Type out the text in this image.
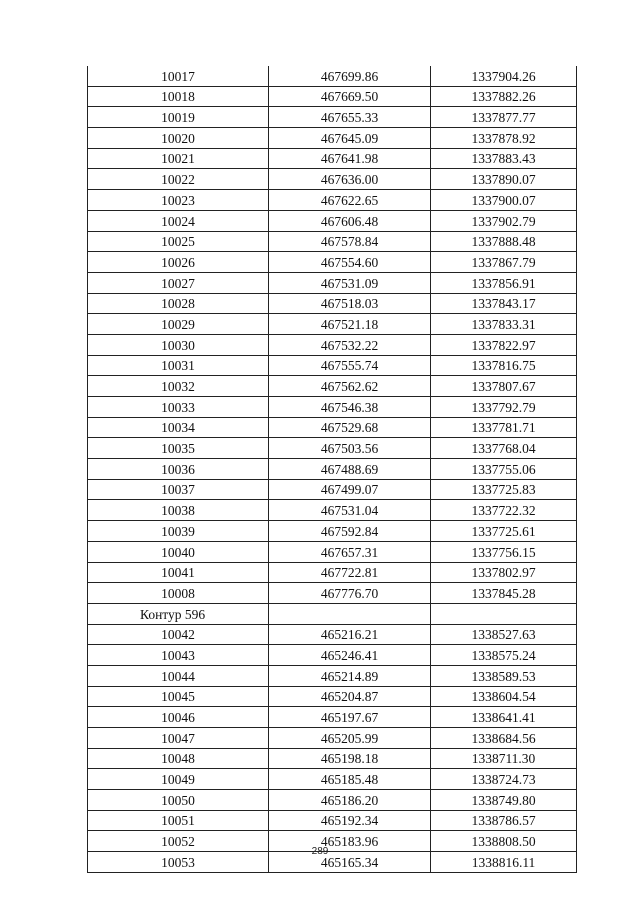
10017	467699.86	1337904.26
10018	467669.50	1337882.26
10019	467655.33	1337877.77
10020	467645.09	1337878.92
10021	467641.98	1337883.43
10022	467636.00	1337890.07
10023	467622.65	1337900.07
10024	467606.48	1337902.79
10025	467578.84	1337888.48
10026	467554.60	1337867.79
10027	467531.09	1337856.91
10028	467518.03	1337843.17
10029	467521.18	1337833.31
10030	467532.22	1337822.97
10031	467555.74	1337816.75
10032	467562.62	1337807.67
10033	467546.38	1337792.79
10034	467529.68	1337781.71
10035	467503.56	1337768.04
10036	467488.69	1337755.06
10037	467499.07	1337725.83
10038	467531.04	1337722.32
10039	467592.84	1337725.61
10040	467657.31	1337756.15
10041	467722.81	1337802.97
10008	467776.70	1337845.28
Контур 596		
10042	465216.21	1338527.63
10043	465246.41	1338575.24
10044	465214.89	1338589.53
10045	465204.87	1338604.54
10046	465197.67	1338641.41
10047	465205.99	1338684.56
10048	465198.18	1338711.30
10049	465185.48	1338724.73
10050	465186.20	1338749.80
10051	465192.34	1338786.57
10052	465183.96	1338808.50
10053	465165.34	1338816.11
289
